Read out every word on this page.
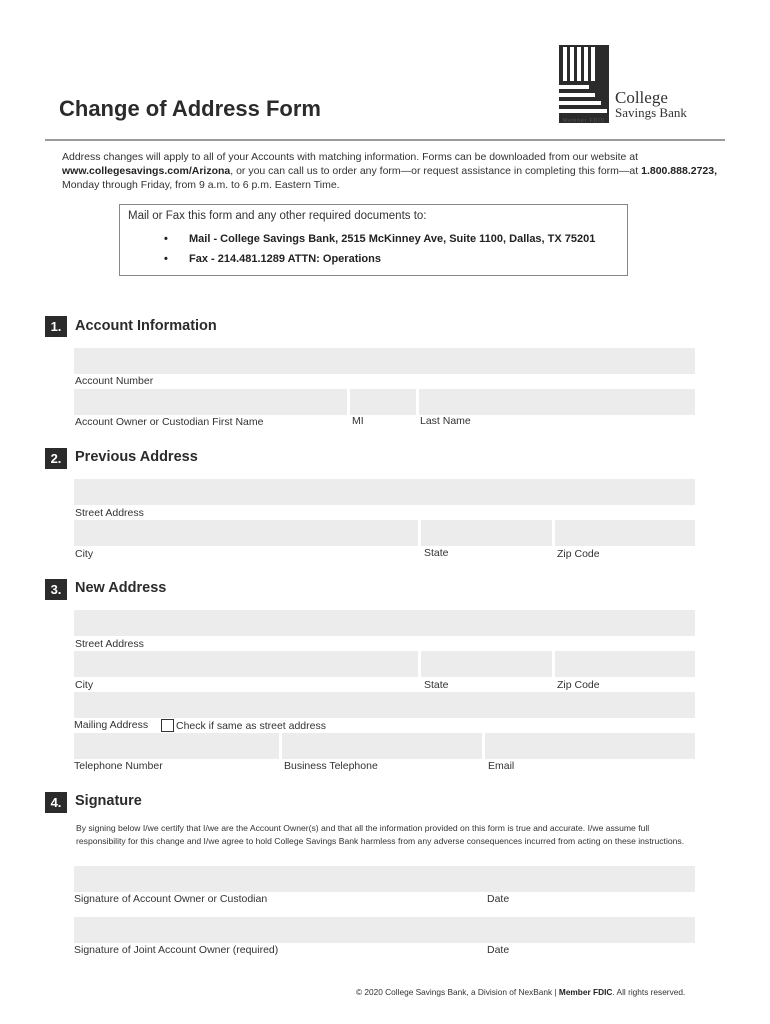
College
Savings Bank
Member FDIC
Change of Address Form
Address changes will apply to all of your Accounts with matching information. Forms can be downloaded from our website at www.collegesavings.com/Arizona, or you can call us to order any form—or request assistance in completing this form—at 1.800.888.2723, Monday through Friday, from 9 a.m. to 6 p.m. Eastern Time.
Mail or Fax this form and any other required documents to:
• Mail - College Savings Bank, 2515 McKinney Ave, Suite 1100, Dallas, TX 75201
• Fax - 214.481.1289 ATTN: Operations
1. Account Information
Account Number
Account Owner or Custodian First Name	MI	Last Name
2. Previous Address
Street Address
City	State	Zip Code
3. New Address
Street Address
City	State	Zip Code
Mailing Address	Check if same as street address
Telephone Number	Business Telephone	Email
4. Signature
By signing below I/we certify that I/we are the Account Owner(s) and that all the information provided on this form is true and accurate. I/we assume full responsibility for this change and I/we agree to hold College Savings Bank harmless from any adverse consequences incurred from acting on these instructions.
Signature of Account Owner or Custodian	Date
Signature of Joint Account Owner (required)	Date
© 2020 College Savings Bank, a Division of NexBank | Member FDIC. All rights reserved.
